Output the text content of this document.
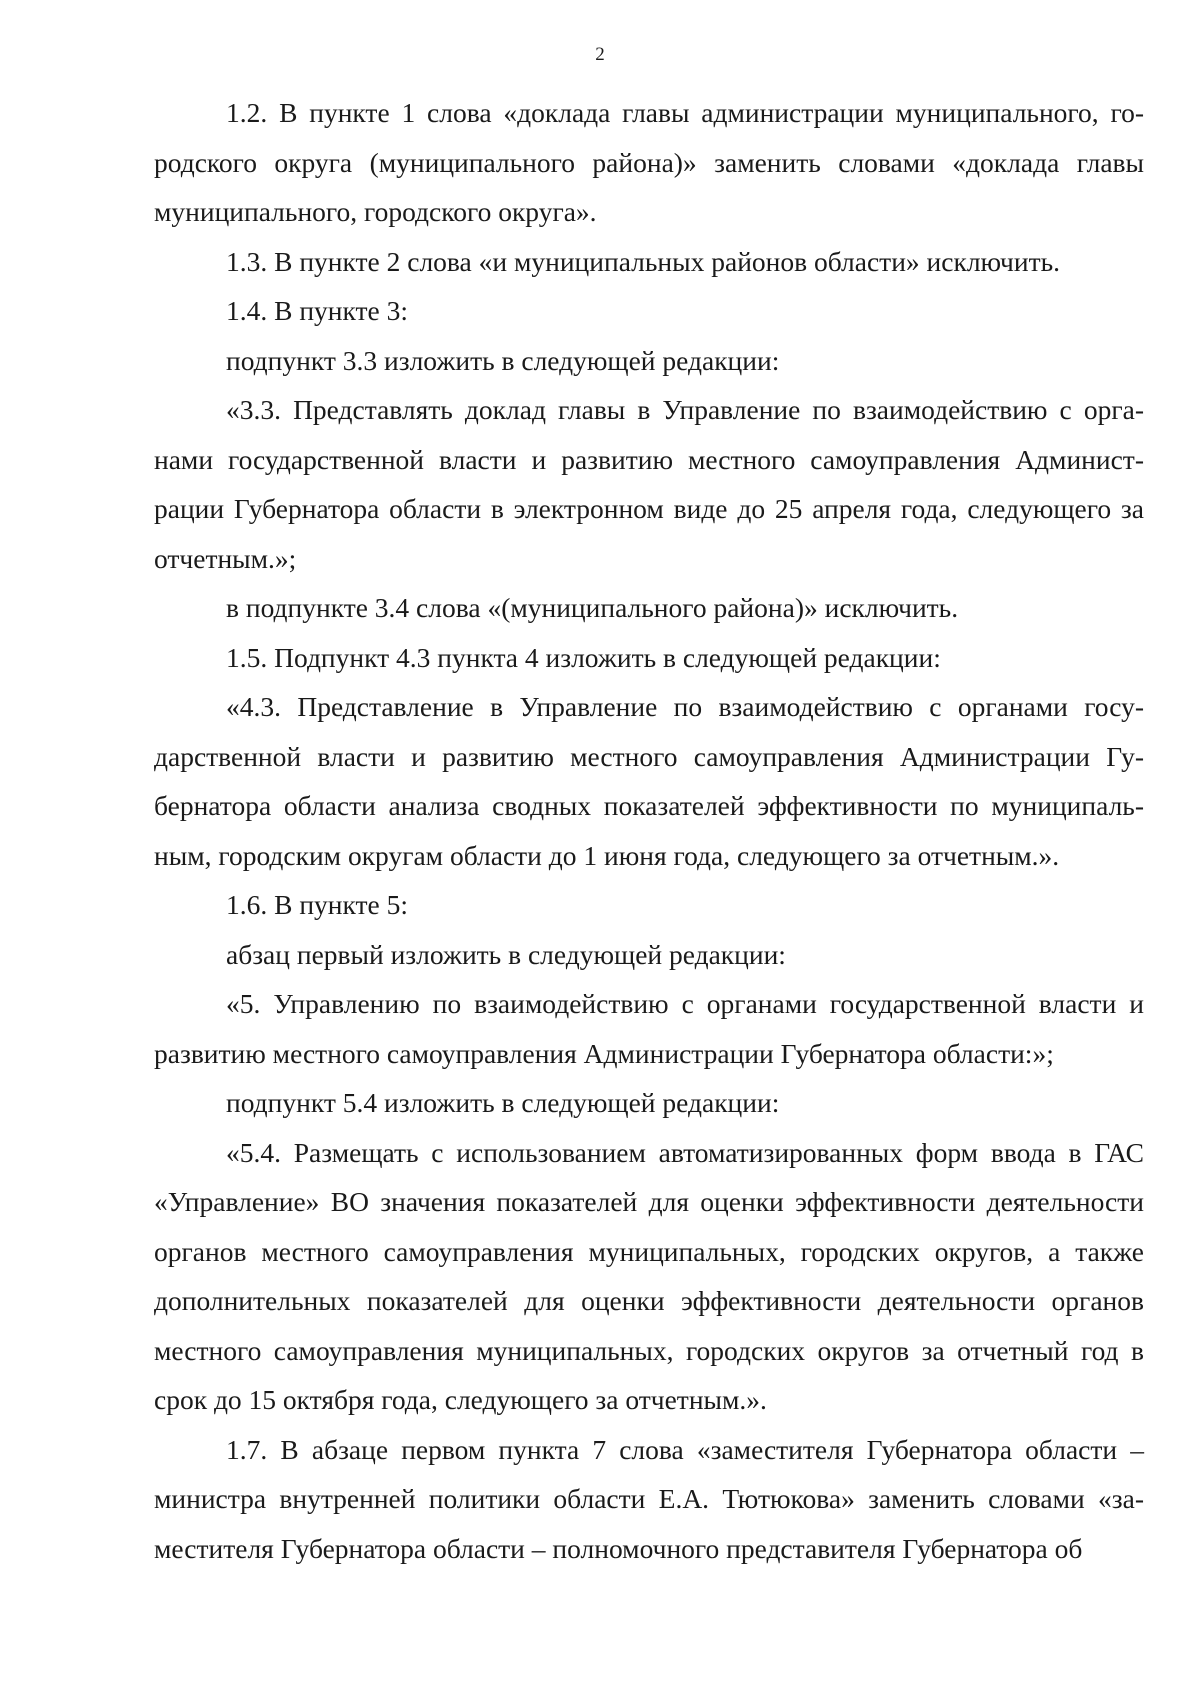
2

1.2. В пункте 1 слова «доклада главы администрации муниципального, городского округа (муниципального района)» заменить словами «доклада главы муниципального, городского округа».

1.3. В пункте 2 слова «и муниципальных районов области» исключить.

1.4. В пункте 3:

подпункт 3.3 изложить в следующей редакции:

«3.3. Представлять доклад главы в Управление по взаимодействию с органами государственной власти и развитию местного самоуправления Администрации Губернатора области в электронном виде до 25 апреля года, следующего за отчетным.»;

в подпункте 3.4 слова «(муниципального района)» исключить.

1.5. Подпункт 4.3 пункта 4 изложить в следующей редакции:

«4.3. Представление в Управление по взаимодействию с органами государственной власти и развитию местного самоуправления Администрации Губернатора области анализа сводных показателей эффективности по муниципальным, городским округам области до 1 июня года, следующего за отчетным.».

1.6. В пункте 5:

абзац первый изложить в следующей редакции:

«5. Управлению по взаимодействию с органами государственной власти и развитию местного самоуправления Администрации Губернатора области:»;

подпункт 5.4 изложить в следующей редакции:

«5.4. Размещать с использованием автоматизированных форм ввода в ГАС «Управление» ВО значения показателей для оценки эффективности деятельности органов местного самоуправления муниципальных, городских округов, а также дополнительных показателей для оценки эффективности деятельности органов местного самоуправления муниципальных, городских округов за отчетный год в срок до 15 октября года, следующего за отчетным.».

1.7. В абзаце первом пункта 7 слова «заместителя Губернатора области – министра внутренней политики области Е.А. Тютюкова» заменить словами «заместителя Губернатора области – полномочного представителя Губернатора об
